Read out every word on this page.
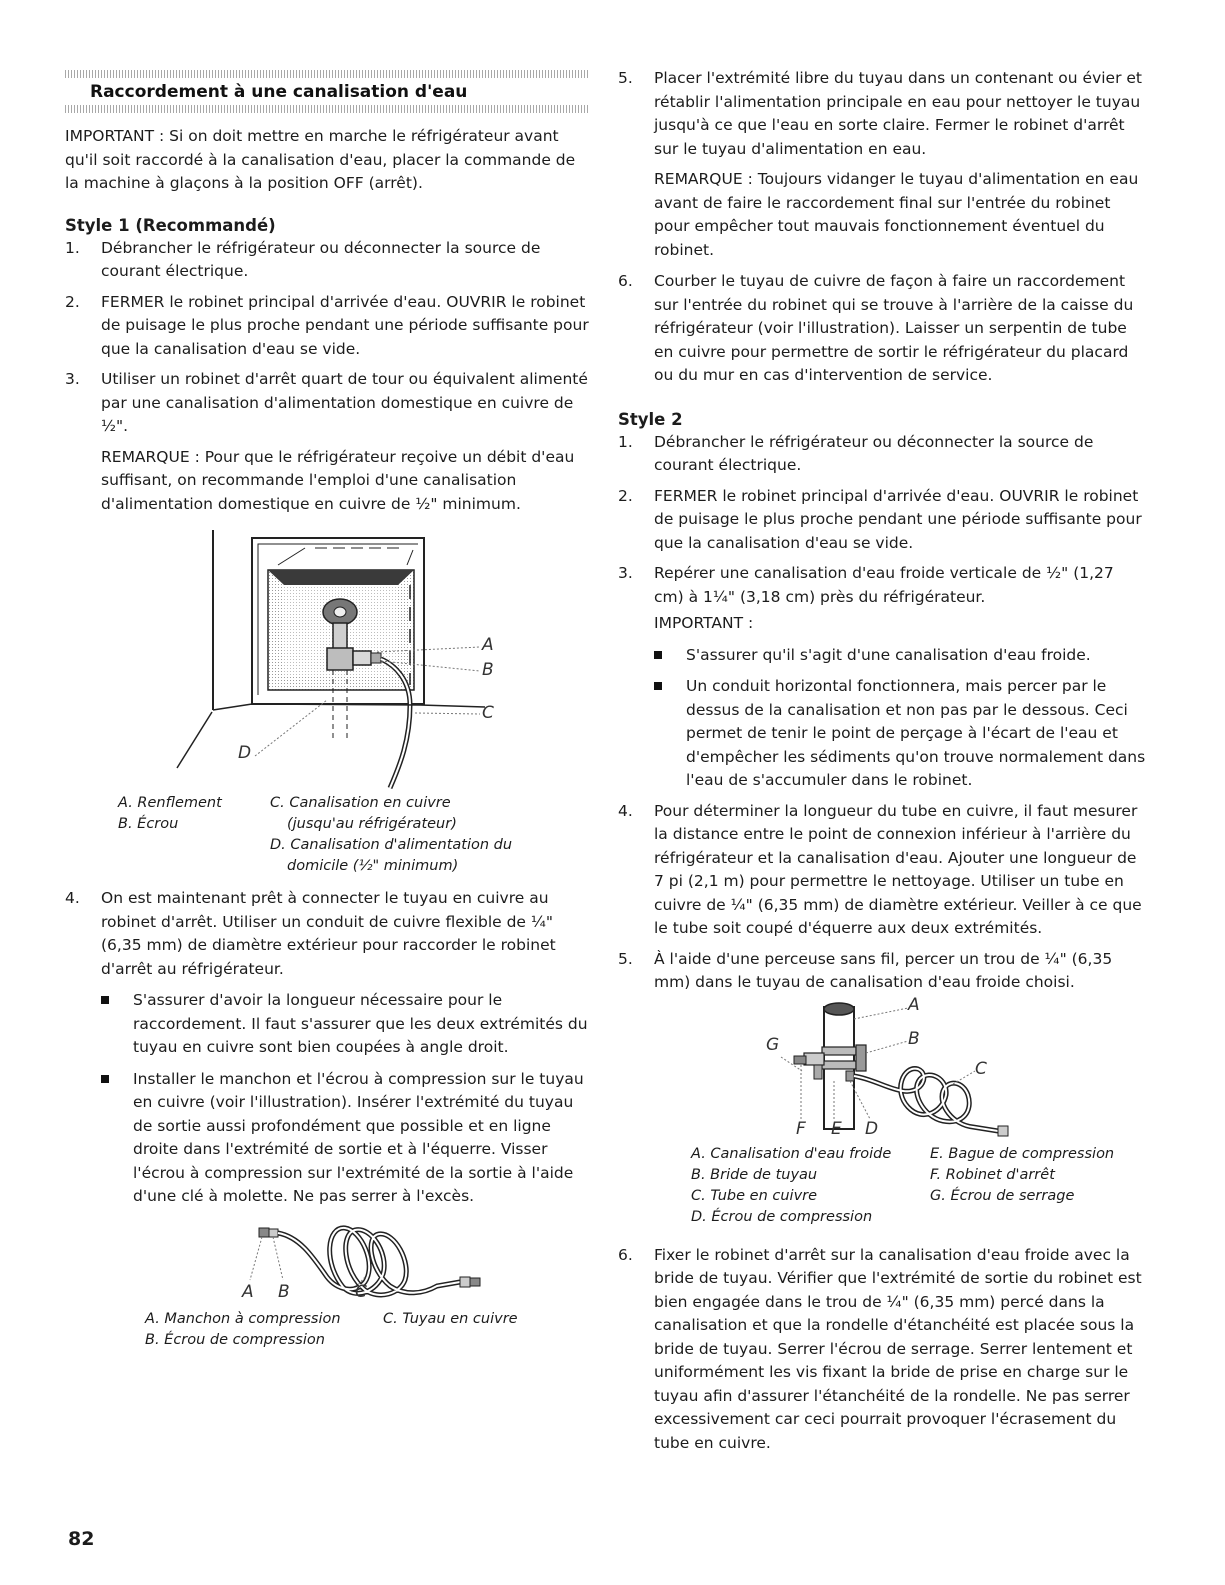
Raccordement à une canalisation d'eau

IMPORTANT : Si on doit mettre en marche le réfrigérateur avant qu'il soit raccordé à la canalisation d'eau, placer la commande de la machine à glaçons à la position OFF (arrêt).

Style 1 (Recommandé)
1. Débrancher le réfrigérateur ou déconnecter la source de courant électrique.
2. FERMER le robinet principal d'arrivée d'eau. OUVRIR le robinet de puisage le plus proche pendant une période suffisante pour que la canalisation d'eau se vide.
3. Utiliser un robinet d'arrêt quart de tour ou équivalent alimenté par une canalisation d'alimentation domestique en cuivre de ½".

REMARQUE : Pour que le réfrigérateur reçoive un débit d'eau suffisant, on recommande l'emploi d'une canalisation d'alimentation domestique en cuivre de ½" minimum.

A
B
C
D
A. Renflement
B. Écrou
C. Canalisation en cuivre
(jusqu'au réfrigérateur)
D. Canalisation d'alimentation du
domicile (½" minimum)
4. On est maintenant prêt à connecter le tuyau en cuivre au robinet d'arrêt. Utiliser un conduit de cuivre flexible de ¼" (6,35 mm) de diamètre extérieur pour raccorder le robinet d'arrêt au réfrigérateur.
S'assurer d'avoir la longueur nécessaire pour le raccordement. Il faut s'assurer que les deux extrémités du tuyau en cuivre sont bien coupées à angle droit.
Installer le manchon et l'écrou à compression sur le tuyau en cuivre (voir l'illustration). Insérer l'extrémité du tuyau de sortie aussi profondément que possible et en ligne droite dans l'extrémité de sortie et à l'équerre. Visser l'écrou à compression sur l'extrémité de la sortie à l'aide d'une clé à molette. Ne pas serrer à l'excès.
A B	C
A. Manchon à compression
B. Écrou de compression
C. Tuyau en cuivre
5. Placer l'extrémité libre du tuyau dans un contenant ou évier et rétablir l'alimentation principale en eau pour nettoyer le tuyau jusqu'à ce que l'eau en sorte claire. Fermer le robinet d'arrêt sur le tuyau d'alimentation en eau.

REMARQUE : Toujours vidanger le tuyau d'alimentation en eau avant de faire le raccordement final sur l'entrée du robinet pour empêcher tout mauvais fonctionnement éventuel du robinet.

6. Courber le tuyau de cuivre de façon à faire un raccordement sur l'entrée du robinet qui se trouve à l'arrière de la caisse du réfrigérateur (voir l'illustration). Laisser un serpentin de tube en cuivre pour permettre de sortir le réfrigérateur du placard ou du mur en cas d'intervention de service.
Style 2
1. Débrancher le réfrigérateur ou déconnecter la source de courant électrique.
2. FERMER le robinet principal d'arrivée d'eau. OUVRIR le robinet de puisage le plus proche pendant une période suffisante pour que la canalisation d'eau se vide.
3. Repérer une canalisation d'eau froide verticale de ½" (1,27 cm) à 1¼" (3,18 cm) près du réfrigérateur.

IMPORTANT :

S'assurer qu'il s'agit d'une canalisation d'eau froide.
Un conduit horizontal fonctionnera, mais percer par le dessus de la canalisation et non pas par le dessous. Ceci permet de tenir le point de perçage à l'écart de l'eau et d'empêcher les sédiments qu'on trouve normalement dans l'eau de s'accumuler dans le robinet.
4. Pour déterminer la longueur du tube en cuivre, il faut mesurer la distance entre le point de connexion inférieur à l'arrière du réfrigérateur et la canalisation d'eau. Ajouter une longueur de 7 pi (2,1 m) pour permettre le nettoyage. Utiliser un tube en cuivre de ¼" (6,35 mm) de diamètre extérieur. Veiller à ce que le tube soit coupé d'équerre aux deux extrémités.
5. À l'aide d'une perceuse sans fil, percer un trou de ¼" (6,35 mm) dans le tuyau de canalisation d'eau froide choisi.
A
B
C
D
E
F
G
A. Canalisation d'eau froide
B. Bride de tuyau
C. Tube en cuivre
D. Écrou de compression
E. Bague de compression
F. Robinet d'arrêt
G. Écrou de serrage
6. Fixer le robinet d'arrêt sur la canalisation d'eau froide avec la bride de tuyau. Vérifier que l'extrémité de sortie du robinet est bien engagée dans le trou de ¼" (6,35 mm) percé dans la canalisation et que la rondelle d'étanchéité est placée sous la bride de tuyau. Serrer l'écrou de serrage. Serrer lentement et uniformément les vis fixant la bride de prise en charge sur le tuyau afin d'assurer l'étanchéité de la rondelle. Ne pas serrer excessivement car ceci pourrait provoquer l'écrasement du tube en cuivre.
82
